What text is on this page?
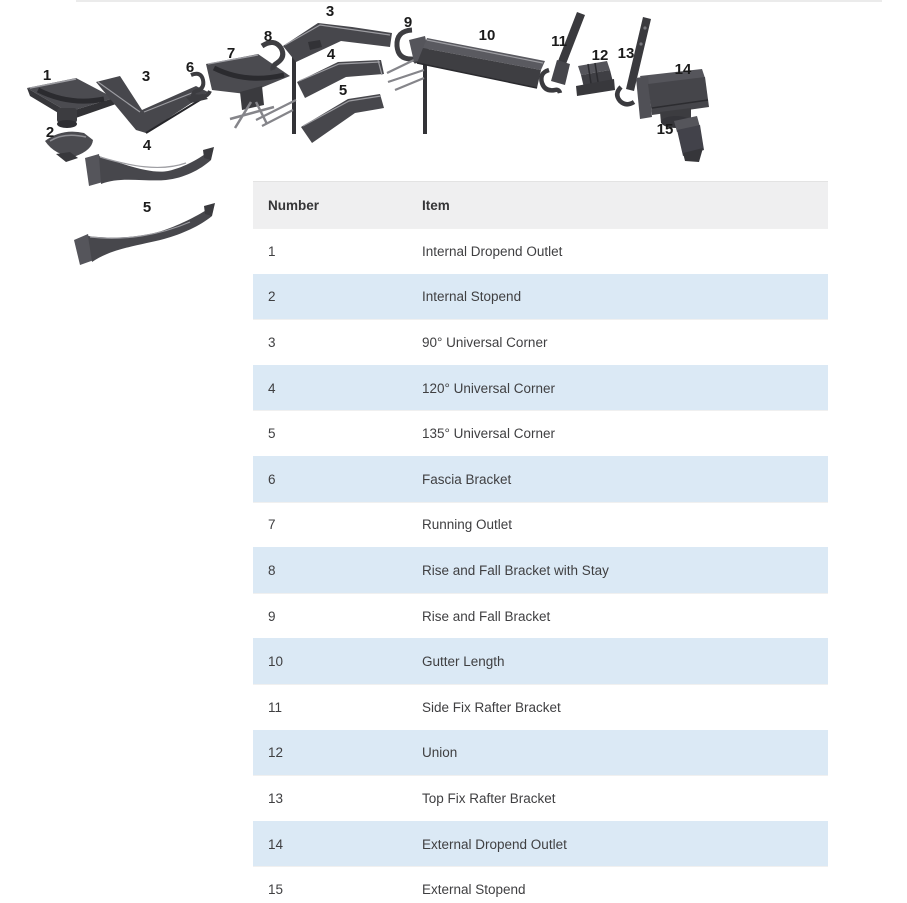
1
2
3
4
5
6
7
8
3
4
5
9
10	11
12 13
14
15
Number	Item
1	Internal Dropend Outlet
2	Internal Stopend
3	90° Universal Corner
4	120° Universal Corner
5	135° Universal Corner
6	Fascia Bracket
7	Running Outlet
8	Rise and Fall Bracket with Stay
9	Rise and Fall Bracket
10	Gutter Length
11	Side Fix Rafter Bracket
12	Union
13	Top Fix Rafter Bracket
14	External Dropend Outlet
15	External Stopend
